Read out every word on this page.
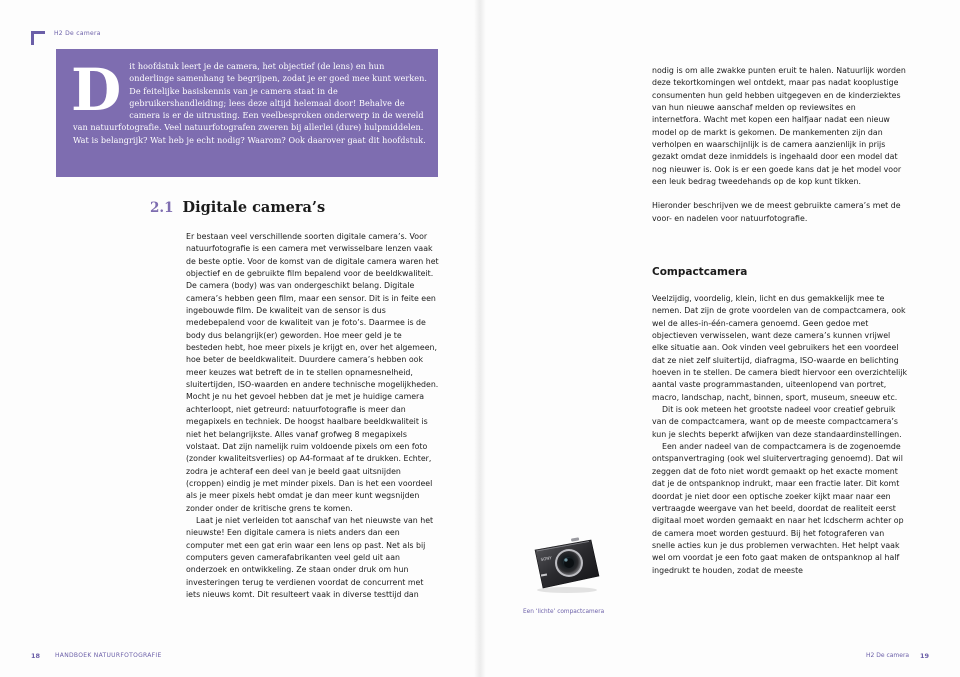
H2 De camera
D it hoofdstuk leert je de camera, het objectief (de lens) en hun onderlinge samenhang te begrijpen, zodat je er goed mee kunt werken. De feitelijke basiskennis van je camera staat in de gebruikershandleiding; lees deze altijd helemaal door! Behalve de camera is er de uitrusting. Een veelbesproken onderwerp in de wereld van natuurfotografie. Veel natuurfotografen zweren bij allerlei (dure) hulpmiddelen. Wat is belangrijk? Wat heb je echt nodig? Waarom? Ook daarover gaat dit hoofdstuk.

2.1 Digitale camera’s

Er bestaan veel verschillende soorten digitale camera’s. Voor natuurfotografie is een camera met verwisselbare lenzen vaak de beste optie. Voor de komst van de digitale camera waren het objectief en de gebruikte film bepalend voor de beeldkwaliteit. De camera (body) was van ondergeschikt belang. Digitale camera’s hebben geen film, maar een sensor. Dit is in feite een ingebouwde film. De kwaliteit van de sensor is dus medebepalend voor de kwaliteit van je foto’s. Daarmee is de body dus belangrijk(er) geworden. Hoe meer geld je te besteden hebt, hoe meer pixels je krijgt en, over het algemeen, hoe beter de beeldkwaliteit. Duurdere camera’s hebben ook meer keuzes wat betreft de in te stellen opnamesnelheid, sluitertijden, ISO-waarden en andere technische mogelijkheden. Mocht je nu het gevoel hebben dat je met je huidige camera achterloopt, niet getreurd: natuurfotografie is meer dan megapixels en techniek. De hoogst haalbare beeldkwaliteit is niet het belangrijkste. Alles vanaf grofweg 8 megapixels volstaat. Dat zijn namelijk ruim voldoende pixels om een foto (zonder kwaliteitsverlies) op A4-formaat af te drukken. Echter, zodra je achteraf een deel van je beeld gaat uitsnijden (croppen) eindig je met minder pixels. Dan is het een voordeel als je meer pixels hebt omdat je dan meer kunt wegsnijden zonder onder de kritische grens te komen.

Laat je niet verleiden tot aanschaf van het nieuwste van het nieuwste! Een digitale camera is niets anders dan een computer met een gat erin waar een lens op past. Net als bij computers geven camerafabrikanten veel geld uit aan onderzoek en ontwikkeling. Ze staan onder druk om hun investeringen terug te verdienen voordat de concurrent met iets nieuws komt. Dit resulteert vaak in diverse testtijd dan

nodig is om alle zwakke punten eruit te halen. Natuurlijk worden deze tekortkomingen wel ontdekt, maar pas nadat kooplustige consumenten hun geld hebben uitgegeven en de kinderziektes van hun nieuwe aanschaf melden op reviewsites en internetfora. Wacht met kopen een halfjaar nadat een nieuw model op de markt is gekomen. De mankementen zijn dan verholpen en waarschijnlijk is de camera aanzienlijk in prijs gezakt omdat deze inmiddels is ingehaald door een model dat nog nieuwer is. Ook is er een goede kans dat je het model voor een leuk bedrag tweedehands op de kop kunt tikken.

Hieronder beschrijven we de meest gebruikte camera’s met de voor- en nadelen voor natuurfotografie.

Compactcamera

Veelzijdig, voordelig, klein, licht en dus gemakkelijk mee te nemen. Dat zijn de grote voordelen van de compactcamera, ook wel de alles-in-één-camera genoemd. Geen gedoe met objectieven verwisselen, want deze camera’s kunnen vrijwel elke situatie aan. Ook vinden veel gebruikers het een voordeel dat ze niet zelf sluitertijd, diafragma, ISO-waarde en belichting hoeven in te stellen. De camera biedt hiervoor een overzichtelijk aantal vaste programmastanden, uiteenlopend van portret, macro, landschap, nacht, binnen, sport, museum, sneeuw etc.

Dit is ook meteen het grootste nadeel voor creatief gebruik van de compactcamera, want op de meeste compactcamera’s kun je slechts beperkt afwijken van deze standaardinstellingen.

Een ander nadeel van de compactcamera is de zogenoemde ontspanvertraging (ook wel sluitervertraging genoemd). Dat wil zeggen dat de foto niet wordt gemaakt op het exacte moment dat je de ontspanknop indrukt, maar een fractie later. Dit komt doordat je niet door een optische zoeker kijkt maar naar een vertraagde weergave van het beeld, doordat de realiteit eerst digitaal moet worden gemaakt en naar het lcdscherm achter op de camera moet worden gestuurd. Bij het fotograferen van snelle acties kun je dus problemen verwachten. Het helpt vaak wel om voordat je een foto gaat maken de ontspanknop al half ingedrukt te houden, zodat de meeste

SONY
Een ‘lichte’ compactcamera
18 HANDBOEK NATUURFOTOGRAFIE	H2 De camera 19
